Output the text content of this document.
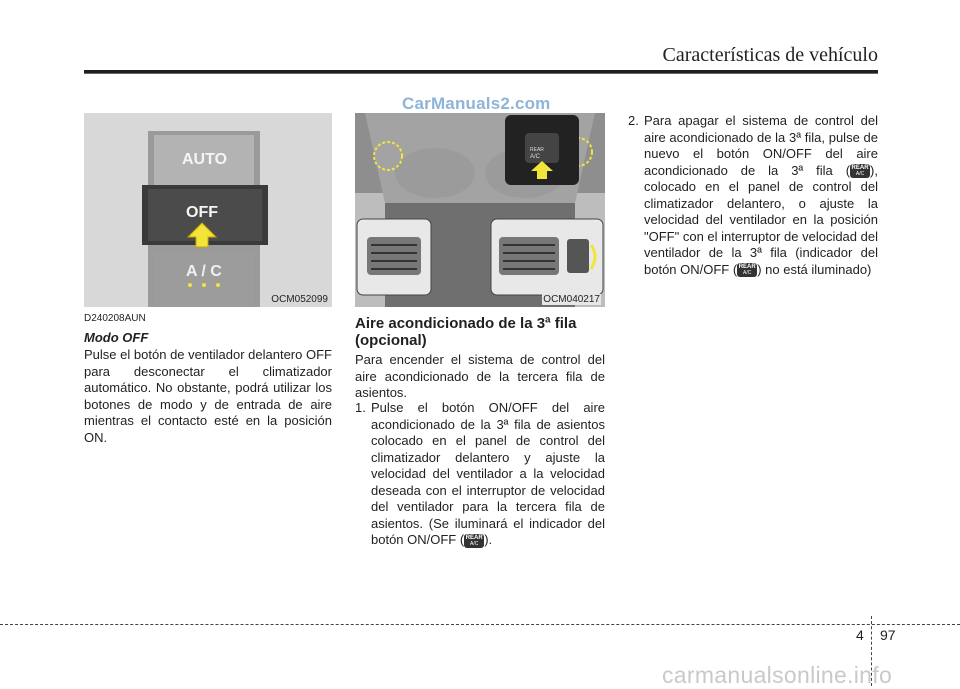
Características de vehículo
CarManuals2.com
AUTO
OFF
A / C
OCM052099
D240208AUN
Modo OFF
Pulse el botón de ventilador delantero OFF para desconectar el climatizador automático. No obstante, podrá utilizar los botones de modo y de entrada de aire mientras el contacto esté en la posición ON.
REAR
A/C
OCM040217
Aire acondicionado de la 3ª fila
(opcional)
Para encender el sistema de control del aire acondicionado de la tercera fila de asientos.
1. Pulse el botón ON/OFF del aire acondicionado de la 3ª fila de asientos colocado en el panel de control del climatizador delantero y ajuste la velocidad del ventilador a la velocidad deseada con el interruptor de velocidad del ventilador para la tercera fila de asientos. (Se iluminará el indicador del botón ON/OFF ( REAR
A/C ).
2. Para apagar el sistema de control del aire acondicionado de la 3ª fila, pulse de nuevo el botón ON/OFF del aire acondicionado de la 3ª fila ( REAR
A/C ), colocado en el panel de control del climatizador delantero, o ajuste la velocidad del ventilador en la posición "OFF" con el interruptor de velocidad del ventilador de la 3ª fila (indicador del botón ON/OFF ( REAR
A/C ) no está iluminado)
4 97
carmanualsonline.info
